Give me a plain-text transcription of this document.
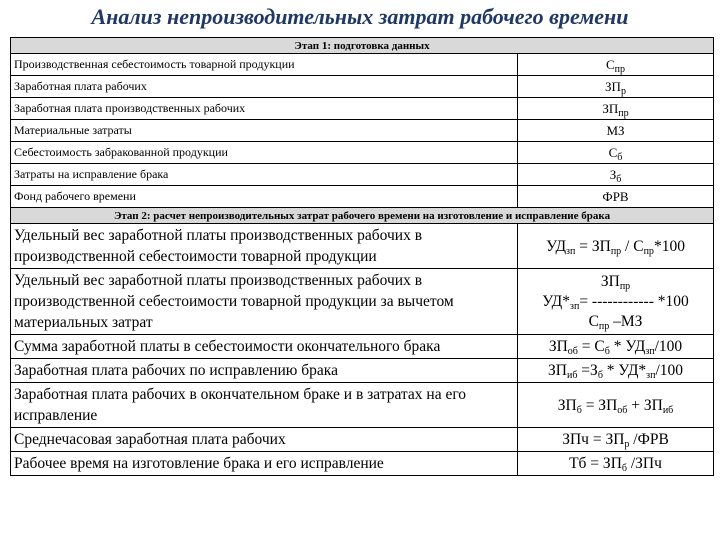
Анализ непроизводительных затрат рабочего времени
Этап 1: подготовка данных	
Производственная себестоимость товарной продукции	$С_{пр}$
Заработная плата рабочих	$ЗП_р$
Заработная плата производственных рабочих	$ЗП_{пр}$
Материальные затраты	МЗ
Себестоимость забракованной продукции	$С_б$
Затраты на исправление брака	$З_б$
Фонд рабочего времени	ФРВ
Этап 2: расчет непроизводительных затрат рабочего времени на изготовление и исправление брака	
Удельный вес заработной платы производственных рабочих в производственной себестоимости товарной продукции	$УД_{зп} = ЗП_{пр} / С_{пр}*100$
Удельный вес заработной платы производственных рабочих в производственной себестоимости товарной продукции за вычетом материальных затрат	$ЗП_{пр}$
$УД*_{зп}=$ ------------ *100
$С_{пр}$ –МЗ
Сумма заработной платы в себестоимости окончательного брака	$ЗП_{об} = С_б * УД_{зп}/100$
Заработная плата рабочих по исправлению брака	$ЗП_{иб} =З_б * УД*_{зп}/100$
Заработная плата рабочих в окончательном браке и в затратах на его исправление	$ЗП_б = ЗП_{об} + ЗП_{иб}$
Среднечасовая заработная плата рабочих	ЗПч = $ЗП_р$ /ФРВ
Рабочее время на изготовление брака и его исправление	Тб = $ЗП_б$ /ЗПч
